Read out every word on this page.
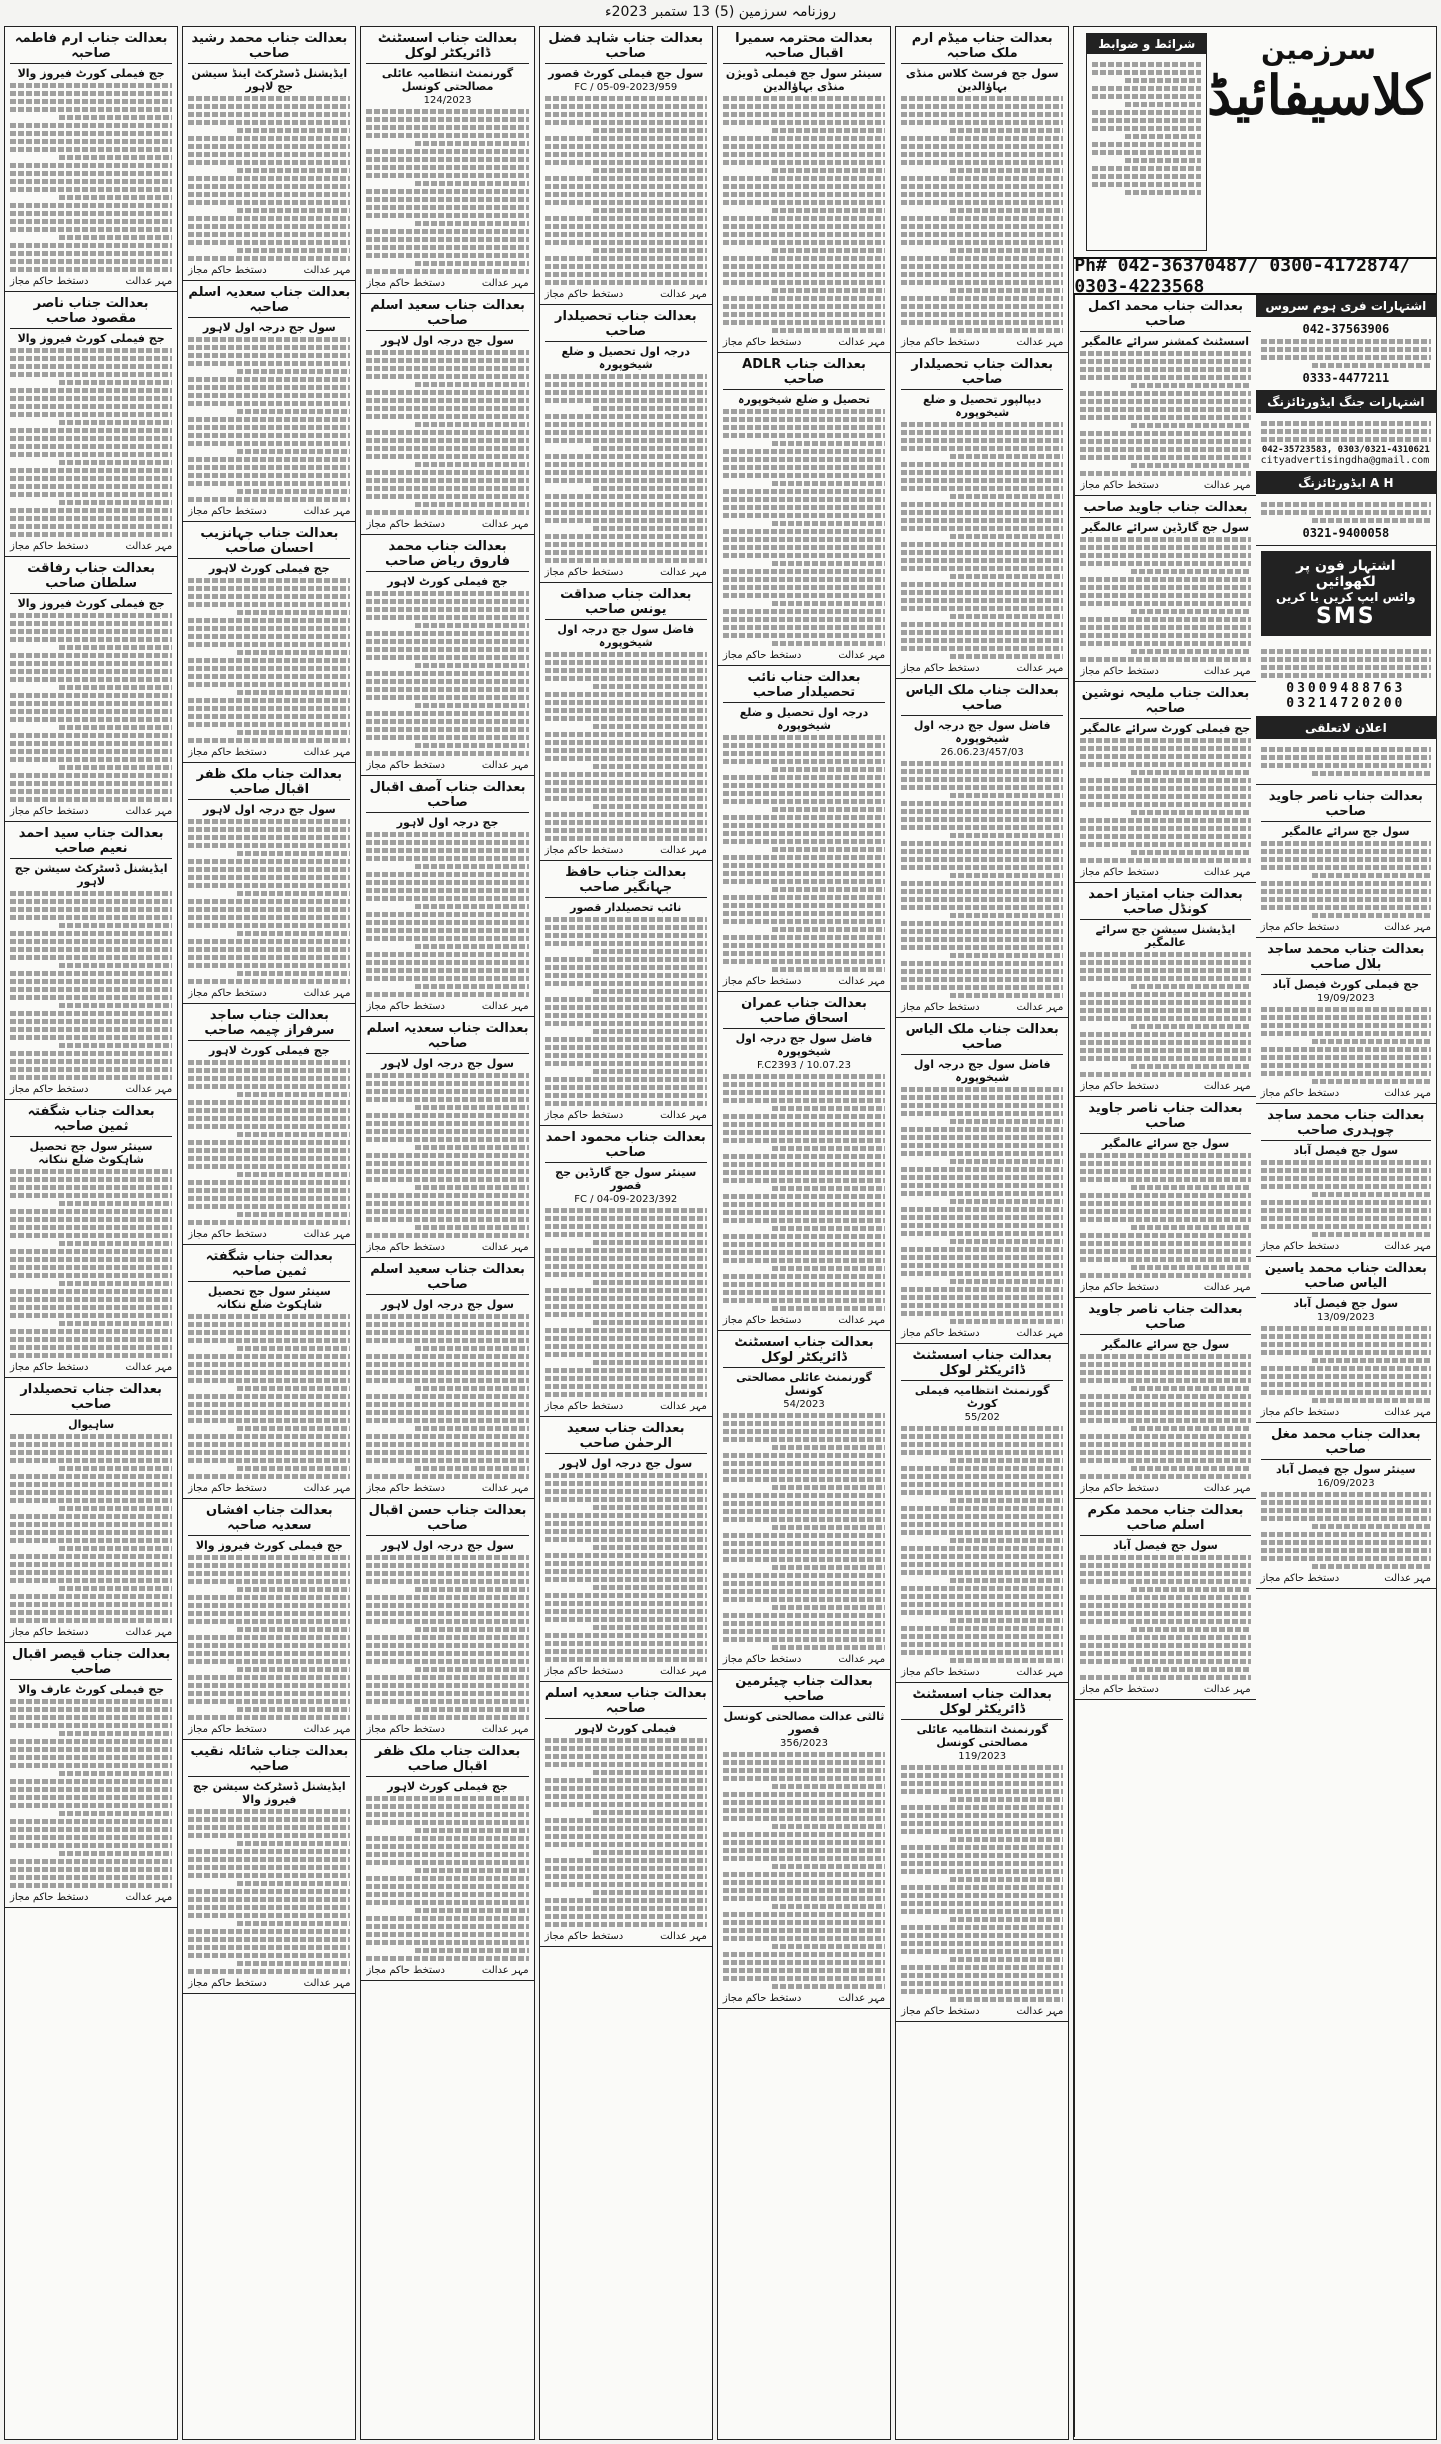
روزنامہ سرزمین (5) 13 ستمبر 2023ء
سرزمین
کلاسیفائیڈ
شرائط و ضوابط
Ph# 042-36370487/ 0300-4172874/ 0303-4223568
اشتہارات فری ہوم سروس
042-37563906
0333-4477211
اشتہارات جنگ ایڈورٹائزنگ
042-35723583, 0303/0321-4310621
cityadvertisingdha@gmail.com
A H ایڈورٹائزنگ
0321-9400058
اشتہار فون پر لکھوائیں
واٹس ایپ کریں یا کریں
SMS
03009488763
03214720200
اعلان لاتعلقی
بعدالت جناب ناصر جاوید صاحب
سول جج سرائے عالمگیر
مہر عدالت
دستخط حاکم مجاز
بعدالت جناب محمد ساجد بلال صاحب
جج فیملی کورٹ فیصل آباد
19/09/2023
مہر عدالت
دستخط حاکم مجاز
بعدالت جناب محمد ساجد چوہدری صاحب
سول جج فیصل آباد
مہر عدالت
دستخط حاکم مجاز
بعدالت جناب محمد یاسین الیاس صاحب
سول جج فیصل آباد
13/09/2023
مہر عدالت
دستخط حاکم مجاز
بعدالت جناب محمد مغل صاحب
سینئر سول جج فیصل آباد
16/09/2023
مہر عدالت
دستخط حاکم مجاز
بعدالت جناب محمد اکمل صاحب
اسسٹنٹ کمشنر سرائے عالمگیر
مہر عدالت
دستخط حاکم مجاز
بعدالت جناب جاوید صاحب
سول جج گارڈین سرائے عالمگیر
مہر عدالت
دستخط حاکم مجاز
بعدالت جناب ملیحہ نوشین صاحبہ
جج فیملی کورٹ سرائے عالمگیر
مہر عدالت
دستخط حاکم مجاز
بعدالت جناب امتیاز احمد کونڈل صاحب
ایڈیشنل سیشن جج سرائے عالمگیر
مہر عدالت
دستخط حاکم مجاز
بعدالت جناب ناصر جاوید صاحب
سول جج سرائے عالمگیر
مہر عدالت
دستخط حاکم مجاز
بعدالت جناب ناصر جاوید صاحب
سول جج سرائے عالمگیر
مہر عدالت
دستخط حاکم مجاز
بعدالت جناب محمد مکرم اسلم صاحب
سول جج فیصل آباد
مہر عدالت
دستخط حاکم مجاز
بعدالت جناب میڈم ارم ملک صاحبہ
سول جج فرسٹ کلاس منڈی بہاؤالدین
مہر عدالت
دستخط حاکم مجاز
بعدالت جناب تحصیلدار صاحب
دیپالپور تحصیل و ضلع شیخوپورہ
مہر عدالت
دستخط حاکم مجاز
بعدالت جناب ملک الیاس صاحب
فاضل سول جج درجہ اول شیخوپورہ
26.06.23/457/03
مہر عدالت
دستخط حاکم مجاز
بعدالت جناب ملک الیاس صاحب
فاضل سول جج درجہ اول شیخوپورہ
مہر عدالت
دستخط حاکم مجاز
بعدالت جناب اسسٹنٹ ڈائریکٹر لوکل
گورنمنٹ انتظامیہ فیملی کورٹ
55/202
مہر عدالت
دستخط حاکم مجاز
بعدالت جناب اسسٹنٹ ڈائریکٹر لوکل
گورنمنٹ انتظامیہ عائلی مصالحتی کونسل
119/2023
مہر عدالت
دستخط حاکم مجاز
بعدالت محترمہ سمیرا اقبال صاحبہ
سینئر سول جج فیملی ڈویژن منڈی بہاؤالدین
مہر عدالت
دستخط حاکم مجاز
بعدالت جناب ADLR صاحب
تحصیل و ضلع شیخوپورہ
مہر عدالت
دستخط حاکم مجاز
بعدالت جناب نائب تحصیلدار صاحب
درجہ اول تحصیل و ضلع شیخوپورہ
مہر عدالت
دستخط حاکم مجاز
بعدالت جناب عمران اسحاق صاحب
فاضل سول جج درجہ اول شیخوپورہ
F.C2393 / 10.07.23
مہر عدالت
دستخط حاکم مجاز
بعدالت جناب اسسٹنٹ ڈائریکٹر لوکل
گورنمنٹ عائلی مصالحتی کونسل
54/2023
مہر عدالت
دستخط حاکم مجاز
بعدالت جناب چیئرمین صاحب
ثالثی عدالت مصالحتی کونسل قصور
356/2023
مہر عدالت
دستخط حاکم مجاز
بعدالت جناب شاہد فضل صاحب
سول جج فیملی کورٹ قصور
959/FC / 05-09-2023
مہر عدالت
دستخط حاکم مجاز
بعدالت جناب تحصیلدار صاحب
درجہ اول تحصیل و ضلع شیخوپورہ
مہر عدالت
دستخط حاکم مجاز
بعدالت جناب صداقت یونس صاحب
فاضل سول جج درجہ اول شیخوپورہ
مہر عدالت
دستخط حاکم مجاز
بعدالت جناب حافظ جہانگیر صاحب
نائب تحصیلدار قصور
مہر عدالت
دستخط حاکم مجاز
بعدالت جناب محمود احمد صاحب
سینئر سول جج گارڈین جج قصور
392/FC / 04-09-2023
مہر عدالت
دستخط حاکم مجاز
بعدالت جناب سعید الرحمٰن صاحب
سول جج درجہ اول لاہور
مہر عدالت
دستخط حاکم مجاز
بعدالت جناب سعدیہ اسلم صاحبہ
فیملی کورٹ لاہور
مہر عدالت
دستخط حاکم مجاز
بعدالت جناب اسسٹنٹ ڈائریکٹر لوکل
گورنمنٹ انتظامیہ عائلی مصالحتی کونسل
124/2023
مہر عدالت
دستخط حاکم مجاز
بعدالت جناب سعید اسلم صاحب
سول جج درجہ اول لاہور
مہر عدالت
دستخط حاکم مجاز
بعدالت جناب محمد فاروق ریاض صاحب
جج فیملی کورٹ لاہور
مہر عدالت
دستخط حاکم مجاز
بعدالت جناب آصف اقبال صاحب
جج درجہ اول لاہور
مہر عدالت
دستخط حاکم مجاز
بعدالت جناب سعدیہ اسلم صاحبہ
سول جج درجہ اول لاہور
مہر عدالت
دستخط حاکم مجاز
بعدالت جناب سعید اسلم صاحب
سول جج درجہ اول لاہور
مہر عدالت
دستخط حاکم مجاز
بعدالت جناب حسن اقبال صاحب
سول جج درجہ اول لاہور
مہر عدالت
دستخط حاکم مجاز
بعدالت جناب ملک ظفر اقبال صاحب
جج فیملی کورٹ لاہور
مہر عدالت
دستخط حاکم مجاز
بعدالت جناب محمد رشید صاحب
ایڈیشنل ڈسٹرکٹ اینڈ سیشن جج لاہور
مہر عدالت
دستخط حاکم مجاز
بعدالت جناب سعدیہ اسلم صاحبہ
سول جج درجہ اول لاہور
مہر عدالت
دستخط حاکم مجاز
بعدالت جناب جہانزیب احسان صاحب
جج فیملی کورٹ لاہور
مہر عدالت
دستخط حاکم مجاز
بعدالت جناب ملک ظفر اقبال صاحب
سول جج درجہ اول لاہور
مہر عدالت
دستخط حاکم مجاز
بعدالت جناب ساجد سرفراز چیمہ صاحب
جج فیملی کورٹ لاہور
مہر عدالت
دستخط حاکم مجاز
بعدالت جناب شگفتہ ثمین صاحبہ
سینئر سول جج تحصیل شاہکوٹ ضلع ننکانہ
مہر عدالت
دستخط حاکم مجاز
بعدالت جناب افشاں سعدیہ صاحبہ
جج فیملی کورٹ فیروز والا
مہر عدالت
دستخط حاکم مجاز
بعدالت جناب شائلہ نقیب صاحبہ
ایڈیشنل ڈسٹرکٹ سیشن جج فیروز والا
مہر عدالت
دستخط حاکم مجاز
بعدالت جناب ارم فاطمہ صاحبہ
جج فیملی کورٹ فیروز والا
مہر عدالت
دستخط حاکم مجاز
بعدالت جناب ناصر مقصود صاحب
جج فیملی کورٹ فیروز والا
مہر عدالت
دستخط حاکم مجاز
بعدالت جناب رفاقت سلطان صاحب
جج فیملی کورٹ فیروز والا
مہر عدالت
دستخط حاکم مجاز
بعدالت جناب سید احمد نعیم صاحب
ایڈیشنل ڈسٹرکٹ سیشن جج لاہور
مہر عدالت
دستخط حاکم مجاز
بعدالت جناب شگفتہ ثمین صاحبہ
سینئر سول جج تحصیل شاہکوٹ ضلع ننکانہ
مہر عدالت
دستخط حاکم مجاز
بعدالت جناب تحصیلدار صاحب
ساہیوال
مہر عدالت
دستخط حاکم مجاز
بعدالت جناب قیصر اقبال صاحب
جج فیملی کورٹ عارف والا
مہر عدالت
دستخط حاکم مجاز
